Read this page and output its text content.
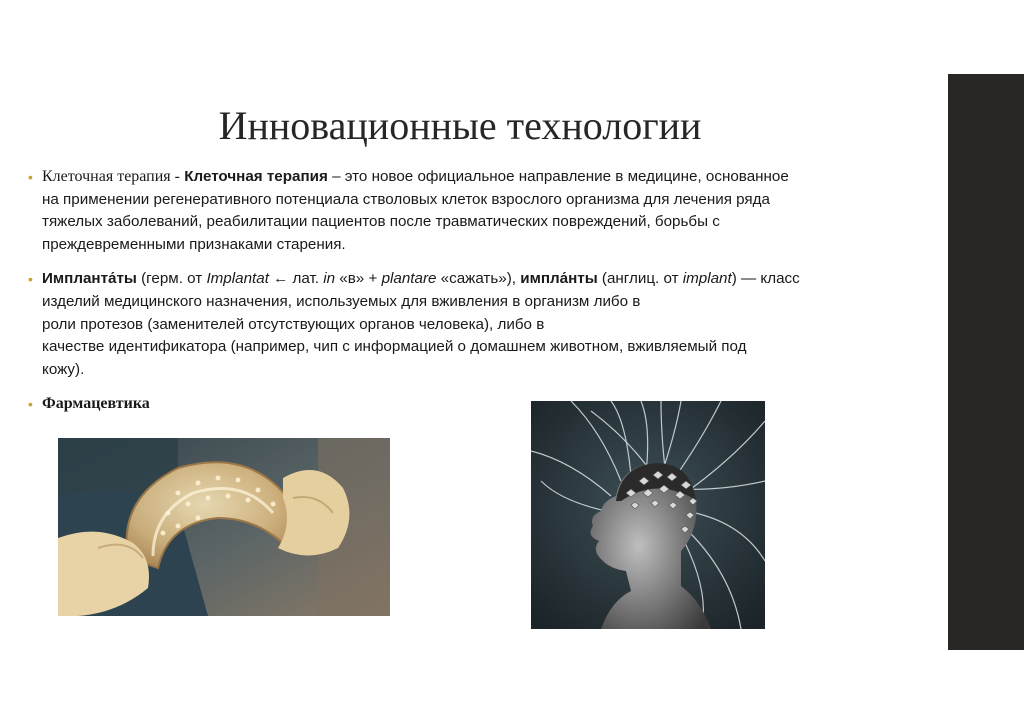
Инновационные технологии
• Клеточная терапия - Клеточная терапия – это новое официальное направление в медицине, основанное
на применении регенеративного потенциала стволовых клеток взрослого организма для лечения ряда
тяжелых заболеваний, реабилитации пациентов после травматических повреждений, борьбы с
преждевременными признаками старения.
• Импланта́ты (герм. от Implantat ← лат. in «в» + plantare «сажать»), импла́нты (англиц. от implant) — класс
изделий медицинского назначения, используемых для вживления в организм либо в
роли протезов (заменителей отсутствующих органов человека), либо в
качестве идентификатора (например, чип с информацией о домашнем животном, вживляемый под
кожу).
• Фармацевтика
